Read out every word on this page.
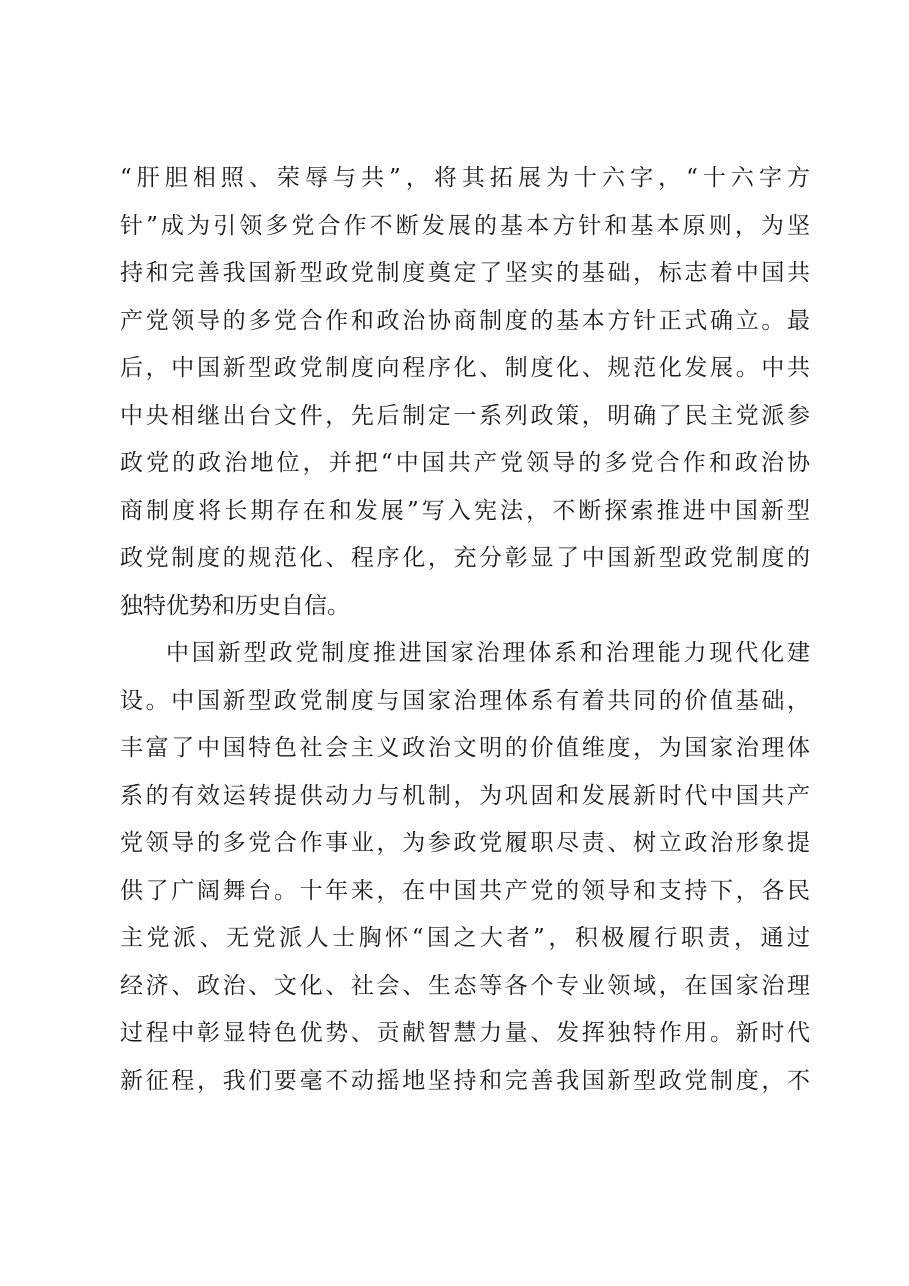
“肝胆相照、荣辱与共”，将其拓展为十六字，“十六字方
针”成为引领多党合作不断发展的基本方针和基本原则，为坚
持和完善我国新型政党制度奠定了坚实的基础，标志着中国共
产党领导的多党合作和政治协商制度的基本方针正式确立。最
后，中国新型政党制度向程序化、制度化、规范化发展。中共
中央相继出台文件，先后制定一系列政策，明确了民主党派参
政党的政治地位，并把“中国共产党领导的多党合作和政治协
商制度将长期存在和发展”写入宪法，不断探索推进中国新型
政党制度的规范化、程序化，充分彰显了中国新型政党制度的
独特优势和历史自信。
中国新型政党制度推进国家治理体系和治理能力现代化建
设。中国新型政党制度与国家治理体系有着共同的价值基础，
丰富了中国特色社会主义政治文明的价值维度，为国家治理体
系的有效运转提供动力与机制，为巩固和发展新时代中国共产
党领导的多党合作事业，为参政党履职尽责、树立政治形象提
供了广阔舞台。十年来，在中国共产党的领导和支持下，各民
主党派、无党派人士胸怀“国之大者”，积极履行职责，通过
经济、政治、文化、社会、生态等各个专业领域，在国家治理
过程中彰显特色优势、贡献智慧力量、发挥独特作用。新时代
新征程，我们要毫不动摇地坚持和完善我国新型政党制度，不
